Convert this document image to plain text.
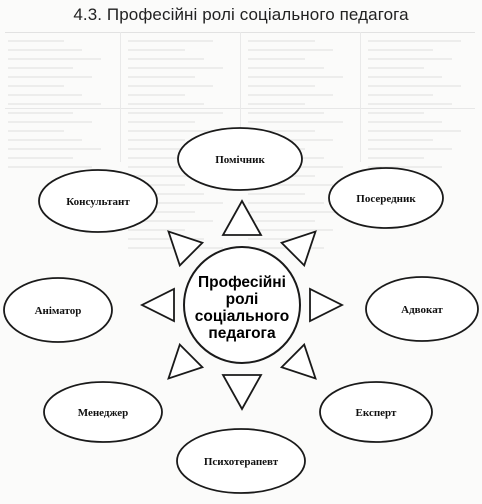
4.3. Професійні ролі соціального педагога
Помічник
Посередник
Адвокат
Експерт
Психотерапевт
Менеджер
Аніматор
Консультант
Професійні
ролі
соціального
педагога
